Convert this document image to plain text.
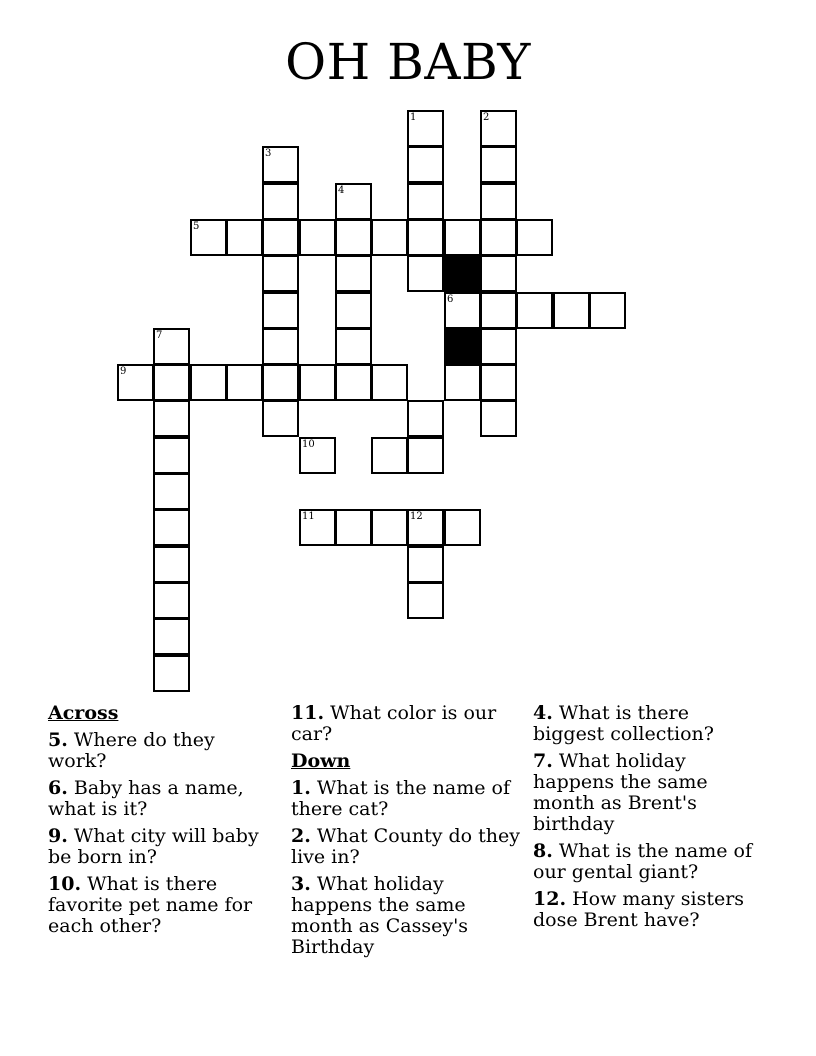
OH BABY
1	2
3
4
5
6
7
9
10
11	12
Across
5. Where do they work?
6. Baby has a name, what is it?
9. What city will baby be born in?
10. What is there favorite pet name for each other?
11. What color is our car?
Down
1. What is the name of there cat?
2. What County do they live in?
3. What holiday happens the same month as Cassey's Birthday
4. What is there biggest collection?
7. What holiday happens the same month as Brent's birthday
8. What is the name of our gental giant?
12. How many sisters dose Brent have?
